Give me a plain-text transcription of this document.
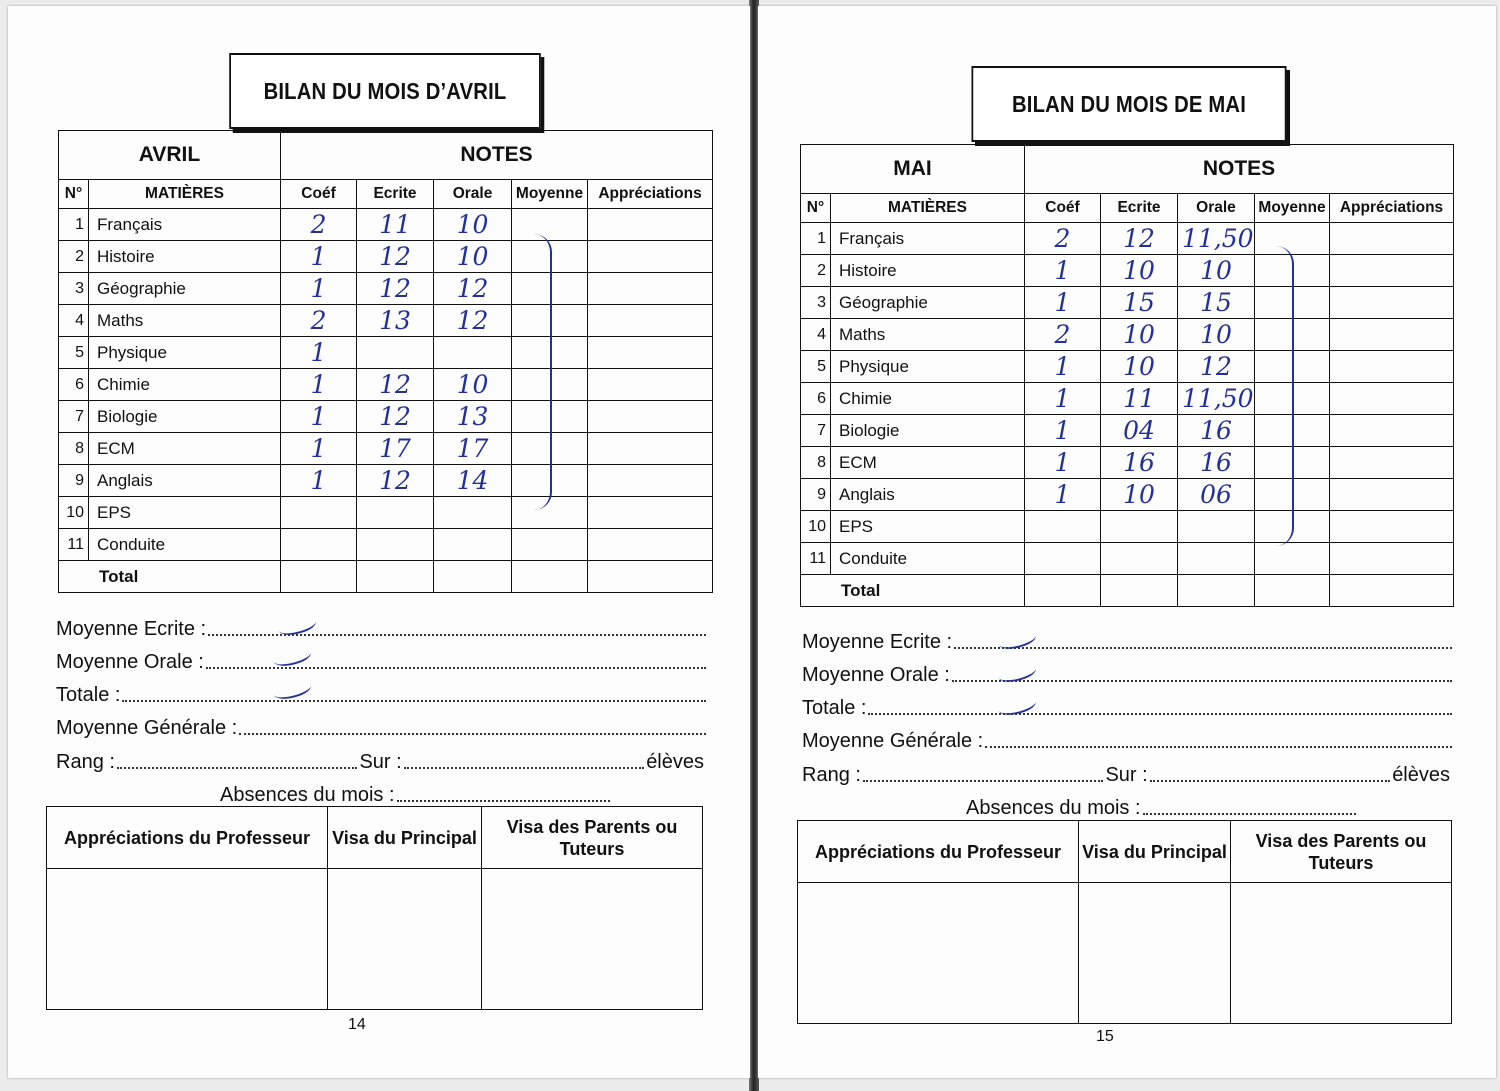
BILAN DU MOIS D’AVRIL
AVRIL		NOTES				
N°	MATIÈRES	Coéf	Ecrite	Orale	Moyenne	Appréciations
1	Français	2	11	10		
2	Histoire	1	12	10		
3	Géographie	1	12	12		
4	Maths	2	13	12		
5	Physique	1				
6	Chimie	1	12	10		
7	Biologie	1	12	13		
8	ECM	1	17	17		
9	Anglais	1	12	14		
10	EPS					
11	Conduite					
Total						
Moyenne Ecrite :
Moyenne Orale :
Totale :
Moyenne Générale :
Rang :	Sur :	élèves
Absences du mois :
Appréciations du Professeur	Visa du Principal	Visa des Parents ou Tuteurs

14
BILAN DU MOIS DE MAI
MAI		NOTES				
N°	MATIÈRES	Coéf	Ecrite	Orale	Moyenne	Appréciations
1	Français	2	12	11,50		
2	Histoire	1	10	10		
3	Géographie	1	15	15		
4	Maths	2	10	10		
5	Physique	1	10	12		
6	Chimie	1	11	11,50		
7	Biologie	1	04	16		
8	ECM	1	16	16		
9	Anglais	1	10	06		
10	EPS					
11	Conduite					
Total						
Moyenne Ecrite :
Moyenne Orale :
Totale :
Moyenne Générale :
Rang :	Sur :	élèves
Absences du mois :
Appréciations du Professeur	Visa du Principal	Visa des Parents ou Tuteurs

15
